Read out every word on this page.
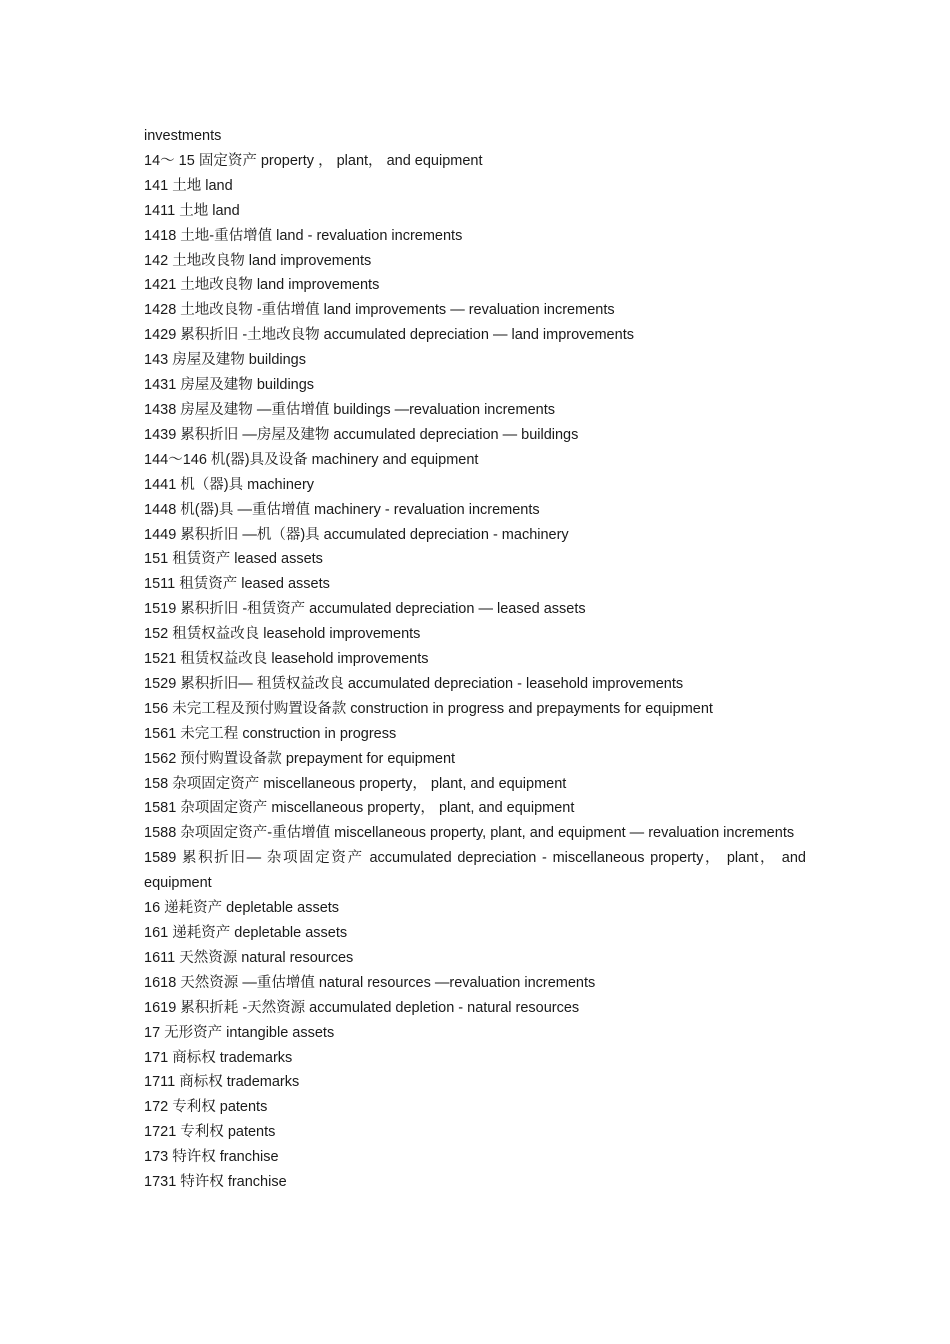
investments
14～ 15 固定资产 property ， plant， and equipment
141 土地 land
1411 土地 land
1418 土地-重估增值 land - revaluation increments
142 土地改良物 land improvements
1421 土地改良物 land improvements
1428 土地改良物 -重估增值 land improvements — revaluation increments
1429 累积折旧 -土地改良物 accumulated depreciation — land improvements
143 房屋及建物 buildings
1431 房屋及建物 buildings
1438 房屋及建物 —重估增值 buildings —revaluation increments
1439 累积折旧 —房屋及建物 accumulated depreciation — buildings
144～146 机(器)具及设备 machinery and equipment
1441 机（器)具 machinery
1448 机(器)具 —重估增值 machinery - revaluation increments
1449 累积折旧 —机（器)具 accumulated depreciation - machinery
151 租赁资产 leased assets
1511 租赁资产 leased assets
1519 累积折旧 -租赁资产 accumulated depreciation — leased assets
152 租赁权益改良 leasehold improvements
1521 租赁权益改良 leasehold improvements
1529 累积折旧— 租赁权益改良 accumulated depreciation - leasehold improvements
156 未完工程及预付购置设备款 construction in progress and prepayments for equipment
1561 未完工程 construction in progress
1562 预付购置设备款 prepayment for equipment
158 杂项固定资产 miscellaneous property， plant, and equipment
1581 杂项固定资产 miscellaneous property， plant, and equipment
1588 杂项固定资产-重估增值 miscellaneous property, plant, and equipment — revaluation increments
1589 累积折旧— 杂项固定资产 accumulated depreciation - miscellaneous property， plant， and equipment
16 递耗资产 depletable assets
161 递耗资产 depletable assets
1611 天然资源 natural resources
1618 天然资源 —重估增值 natural resources —revaluation increments
1619 累积折耗 -天然资源 accumulated depletion - natural resources
17 无形资产 intangible assets
171 商标权 trademarks
1711 商标权 trademarks
172 专利权 patents
1721 专利权 patents
173 特许权 franchise
1731 特许权 franchise
